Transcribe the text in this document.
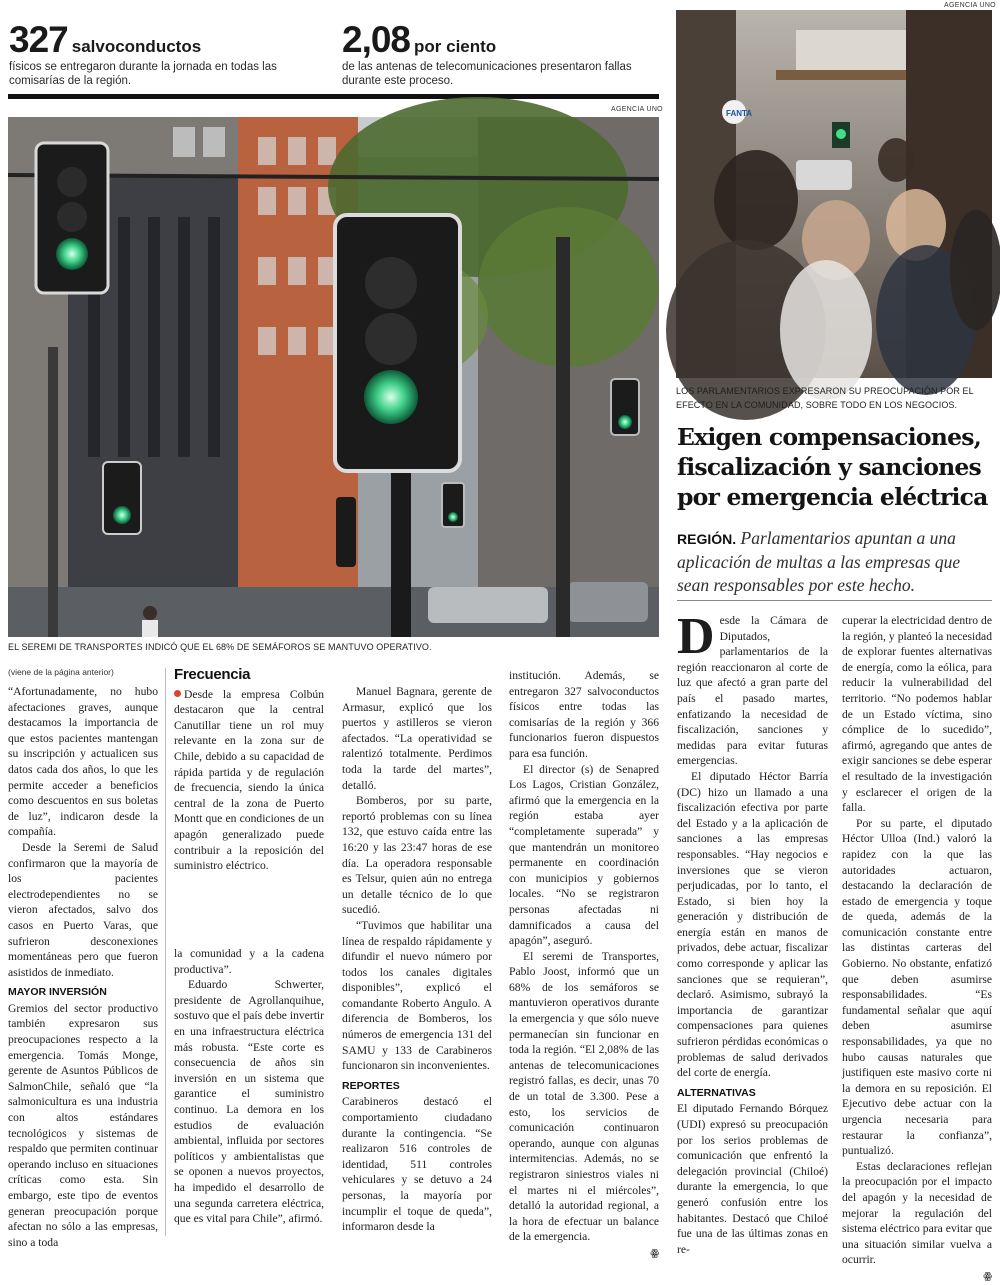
327 salvoconductos
físicos se entregaron durante la jornada en todas las comisarías de la región.
2,08 por ciento
de las antenas de telecomunicaciones presentaron fallas durante este proceso.
AGENCIA UNO
EL SEREMI DE TRANSPORTES INDICÓ QUE EL 68% DE SEMÁFOROS SE MANTUVO OPERATIVO.
AGENCIA UNO
FANTA
LOS PARLAMENTARIOS EXPRESARON SU PREOCUPACIÓN POR EL EFECTO EN LA COMUNIDAD, SOBRE TODO EN LOS NEGOCIOS.
Exigen compensaciones, fiscalización y sanciones por emergencia eléctrica
REGIÓN. Parlamentarios apuntan a una aplicación de multas a las empresas que sean responsables por este hecho.
(viene de la página anterior)

“Afortunadamente, no hubo afectaciones graves, aunque destacamos la importancia de que estos pacientes mantengan su inscripción y actualicen sus datos cada dos años, lo que les permite acceder a beneficios como descuentos en sus boletas de luz”, indicaron desde la compañía.

Desde la Seremi de Salud confirmaron que la mayoría de los pacientes electrodependientes no se vieron afectados, salvo dos casos en Puerto Varas, que sufrieron desconexiones momentáneas pero que fueron asistidos de inmediato.

MAYOR INVERSIÓN

Gremios del sector productivo también expresaron sus preocupaciones respecto a la emergencia. Tomás Monge, gerente de Asuntos Públicos de SalmonChile, señaló que “la salmonicultura es una industria con altos estándares tecnológicos y sistemas de respaldo que permiten continuar operando incluso en situaciones críticas como esta. Sin embargo, este tipo de eventos generan preocupación porque afectan no sólo a las empresas, sino a toda

Frecuencia
Desde la empresa Colbún destacaron que la central Canutillar tiene un rol muy relevante en la zona sur de Chile, debido a su capacidad de rápida partida y de regulación de frecuencia, siendo la única central de la zona de Puerto Montt que en condiciones de un apagón generalizado puede contribuir a la reposición del suministro eléctrico.

la comunidad y a la cadena productiva”.

Eduardo Schwerter, presidente de Agrollanquihue, sostuvo que el país debe invertir en una infraestructura eléctrica más robusta. “Este corte es consecuencia de años sin inversión en un sistema que garantice el suministro continuo. La demora en los estudios de evaluación ambiental, influida por sectores políticos y ambientalistas que se oponen a nuevos proyectos, ha impedido el desarrollo de una segunda carretera eléctrica, que es vital para Chile”, afirmó.

Manuel Bagnara, gerente de Armasur, explicó que los puertos y astilleros se vieron afectados. “La operatividad se ralentizó totalmente. Perdimos toda la tarde del martes”, detalló.

Bomberos, por su parte, reportó problemas con su línea 132, que estuvo caída entre las 16:20 y las 23:47 horas de ese día. La operadora responsable es Telsur, quien aún no entrega un detalle técnico de lo que sucedió.

“Tuvimos que habilitar una línea de respaldo rápidamente y difundir el nuevo número por todos los canales digitales disponibles”, explicó el comandante Roberto Angulo. A diferencia de Bomberos, los números de emergencia 131 del SAMU y 133 de Carabineros funcionaron sin inconvenientes.

REPORTES

Carabineros destacó el comportamiento ciudadano durante la contingencia. “Se realizaron 516 controles de identidad, 511 controles vehiculares y se detuvo a 24 personas, la mayoría por incumplir el toque de queda”, informaron desde la

institución. Además, se entregaron 327 salvoconductos físicos entre todas las comisarías de la región y 366 funcionarios fueron dispuestos para esa función.

El director (s) de Senapred Los Lagos, Cristian González, afirmó que la emergencia en la región estaba ayer “completamente superada” y que mantendrán un monitoreo permanente en coordinación con municipios y gobiernos locales. “No se registraron personas afectadas ni damnificados a causa del apagón”, aseguró.

El seremi de Transportes, Pablo Joost, informó que un 68% de los semáforos se mantuvieron operativos durante la emergencia y que sólo nueve permanecían sin funcionar en toda la región. “El 2,08% de las antenas de telecomunicaciones registró fallas, es decir, unas 70 de un total de 3.300. Pese a esto, los servicios de comunicación continuaron operando, aunque con algunas intermitencias. Además, no se registraron siniestros viales ni el martes ni el miércoles”, detalló la autoridad regional, a la hora de efectuar un balance de la emergencia.

ꙮ

Desde la Cámara de Diputados, parlamentarios de la región reaccionaron al corte de luz que afectó a gran parte del país el pasado martes, enfatizando la necesidad de fiscalización, sanciones y medidas para evitar futuras emergencias.

El diputado Héctor Barría (DC) hizo un llamado a una fiscalización efectiva por parte del Estado y a la aplicación de sanciones a las empresas responsables. “Hay negocios e inversiones que se vieron perjudicadas, por lo tanto, el Estado, si bien hoy la generación y distribución de energía están en manos de privados, debe actuar, fiscalizar como corresponde y aplicar las sanciones que se requieran”, declaró. Asimismo, subrayó la importancia de garantizar compensaciones para quienes sufrieron pérdidas económicas o problemas de salud derivados del corte de energía.

ALTERNATIVAS

El diputado Fernando Bórquez (UDI) expresó su preocupación por los serios problemas de comunicación que enfrentó la delegación provincial (Chiloé) durante la emergencia, lo que generó confusión entre los habitantes. Destacó que Chiloé fue una de las últimas zonas en re-

cuperar la electricidad dentro de la región, y planteó la necesidad de explorar fuentes alternativas de energía, como la eólica, para reducir la vulnerabilidad del territorio. “No podemos hablar de un Estado víctima, sino cómplice de lo sucedido”, afirmó, agregando que antes de exigir sanciones se debe esperar el resultado de la investigación y esclarecer el origen de la falla.

Por su parte, el diputado Héctor Ulloa (Ind.) valoró la rapidez con la que las autoridades actuaron, destacando la declaración de estado de emergencia y toque de queda, además de la comunicación constante entre las distintas carteras del Gobierno. No obstante, enfatizó que deben asumirse responsabilidades. “Es fundamental señalar que aquí deben asumirse responsabilidades, ya que no hubo causas naturales que justifiquen este masivo corte ni la demora en su reposición. El Ejecutivo debe actuar con la urgencia necesaria para restaurar la confianza”, puntualizó.

Estas declaraciones reflejan la preocupación por el impacto del apagón y la necesidad de mejorar la regulación del sistema eléctrico para evitar que una situación similar vuelva a ocurrir.

ꙮ
